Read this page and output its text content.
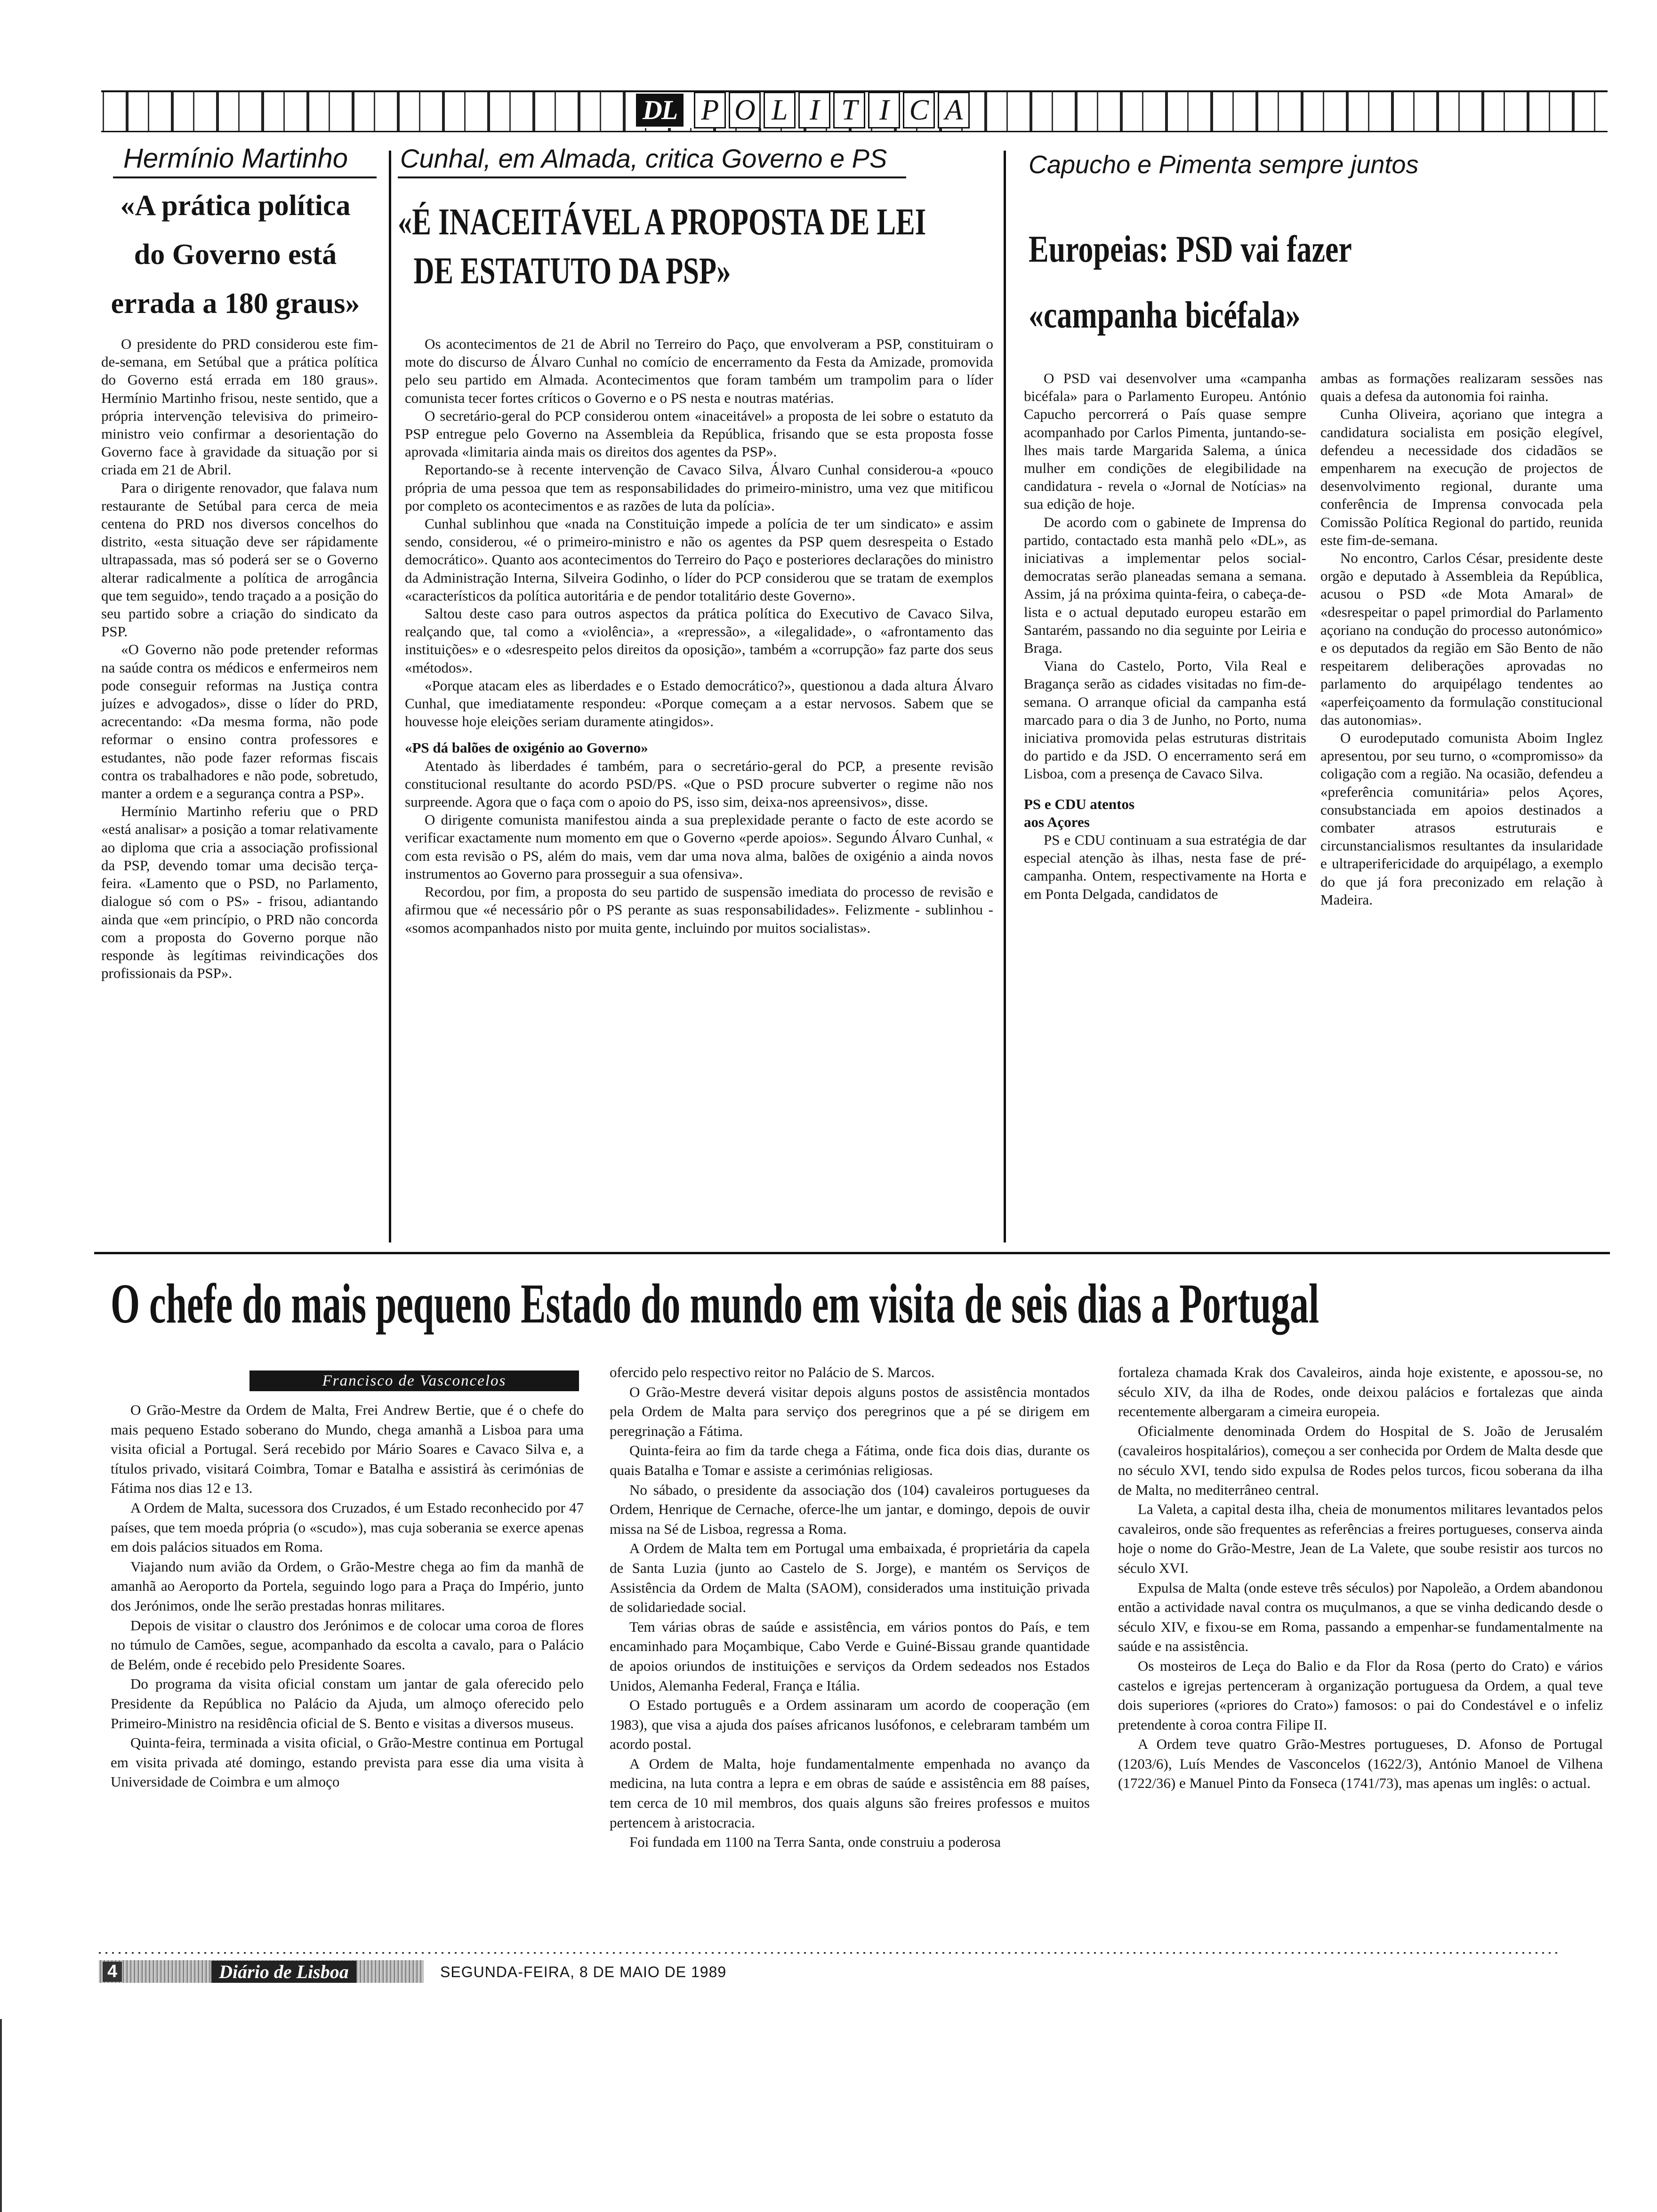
DL P O L I T I C A
Hermínio Martinho
«A prática política
do Governo está
errada a 180 graus»

O presidente do PRD considerou este fim-de-semana, em Setúbal que a prática política do Governo está errada em 180 graus». Hermínio Martinho frisou, neste sentido, que a própria intervenção televisiva do primeiro-ministro veio confirmar a desorientação do Governo face à gravidade da situação por si criada em 21 de Abril.

Para o dirigente renovador, que falava num restaurante de Setúbal para cerca de meia centena do PRD nos diversos concelhos do distrito, «esta situação deve ser rápidamente ultrapassada, mas só poderá ser se o Governo alterar radicalmente a política de arrogância que tem seguido», tendo traçado a a posição do seu partido sobre a criação do sindicato da PSP.

«O Governo não pode pretender reformas na saúde contra os médicos e enfermeiros nem pode conseguir reformas na Justiça contra juízes e advogados», disse o líder do PRD, acrecentando: «Da mesma forma, não pode reformar o ensino contra professores e estudantes, não pode fazer reformas fiscais contra os trabalhadores e não pode, sobretudo, manter a ordem e a segurança contra a PSP».

Hermínio Martinho referiu que o PRD «está analisar» a posição a tomar relativamente ao diploma que cria a associação profissional da PSP, devendo tomar uma decisão terça-feira. «Lamento que o PSD, no Parlamento, dialogue só com o PS» - frisou, adiantando ainda que «em princípio, o PRD não concorda com a proposta do Governo porque não responde às legítimas reivindicações dos profissionais da PSP».

Cunhal, em Almada, critica Governo e PS
«É INACEITÁVEL A PROPOSTA DE LEI
DE ESTATUTO DA PSP»

Os acontecimentos de 21 de Abril no Terreiro do Paço, que envolveram a PSP, constituiram o mote do discurso de Álvaro Cunhal no comício de encerramento da Festa da Amizade, promovida pelo seu partido em Almada. Acontecimentos que foram também um trampolim para o líder comunista tecer fortes críticos o Governo e o PS nesta e noutras matérias.

O secretário-geral do PCP considerou ontem «inaceitável» a proposta de lei sobre o estatuto da PSP entregue pelo Governo na Assembleia da República, frisando que se esta proposta fosse aprovada «limitaria ainda mais os direitos dos agentes da PSP».

Reportando-se à recente intervenção de Cavaco Silva, Álvaro Cunhal considerou-a «pouco própria de uma pessoa que tem as responsabilidades do primeiro-ministro, uma vez que mitificou por completo os acontecimentos e as razões de luta da polícia».

Cunhal sublinhou que «nada na Constituição impede a polícia de ter um sindicato» e assim sendo, considerou, «é o primeiro-ministro e não os agentes da PSP quem desrespeita o Estado democrático». Quanto aos acontecimentos do Terreiro do Paço e posteriores declarações do ministro da Administração Interna, Silveira Godinho, o líder do PCP considerou que se tratam de exemplos «característicos da política autoritária e de pendor totalitário deste Governo».

Saltou deste caso para outros aspectos da prática política do Executivo de Cavaco Silva, realçando que, tal como a «violência», a «repressão», a «ilegalidade», o «afrontamento das instituições» e o «desrespeito pelos direitos da oposição», também a «corrupção» faz parte dos seus «métodos».

«Porque atacam eles as liberdades e o Estado democrático?», questionou a dada altura Álvaro Cunhal, que imediatamente respondeu: «Porque começam a a estar nervosos. Sabem que se houvesse hoje eleições seriam duramente atingidos».

«PS dá balões de oxigénio ao Governo»

Atentado às liberdades é também, para o secretário-geral do PCP, a presente revisão constitucional resultante do acordo PSD/PS. «Que o PSD procure subverter o regime não nos surpreende. Agora que o faça com o apoio do PS, isso sim, deixa-nos apreensivos», disse.

O dirigente comunista manifestou ainda a sua preplexidade perante o facto de este acordo se verificar exactamente num momento em que o Governo «perde apoios». Segundo Álvaro Cunhal, « com esta revisão o PS, além do mais, vem dar uma nova alma, balões de oxigénio a ainda novos instrumentos ao Governo para prosseguir a sua ofensiva».

Recordou, por fim, a proposta do seu partido de suspensão imediata do processo de revisão e afirmou que «é necessário pôr o PS perante as suas responsabilidades». Felizmente - sublinhou - «somos acompanhados nisto por muita gente, incluindo por muitos socialistas».

Capucho e Pimenta sempre juntos
Europeias: PSD vai fazer
«campanha bicéfala»

O PSD vai desenvolver uma «campanha bicéfala» para o Parlamento Europeu. António Capucho percorrerá o País quase sempre acompanhado por Carlos Pimenta, juntando-se-lhes mais tarde Margarida Salema, a única mulher em condições de elegibilidade na candidatura - revela o «Jornal de Notícias» na sua edição de hoje.

De acordo com o gabinete de Imprensa do partido, contactado esta manhã pelo «DL», as iniciativas a implementar pelos social-democratas serão planeadas semana a semana. Assim, já na próxima quinta-feira, o cabeça-de-lista e o actual deputado europeu estarão em Santarém, passando no dia seguinte por Leiria e Braga.

Viana do Castelo, Porto, Vila Real e Bragança serão as cidades visitadas no fim-de-semana. O arranque oficial da campanha está marcado para o dia 3 de Junho, no Porto, numa iniciativa promovida pelas estruturas distritais do partido e da JSD. O encerramento será em Lisboa, com a presença de Cavaco Silva.

PS e CDU atentos
aos Açores

PS e CDU continuam a sua estratégia de dar especial atenção às ilhas, nesta fase de pré-campanha. Ontem, respectivamente na Horta e em Ponta Delgada, candidatos de

ambas as formações realizaram sessões nas quais a defesa da autonomia foi rainha.

Cunha Oliveira, açoriano que integra a candidatura socialista em posição elegível, defendeu a necessidade dos cidadãos se empenharem na execução de projectos de desenvolvimento regional, durante uma conferência de Imprensa convocada pela Comissão Política Regional do partido, reunida este fim-de-semana.

No encontro, Carlos César, presidente deste orgão e deputado à Assembleia da República, acusou o PSD «de Mota Amaral» de «desrespeitar o papel primordial do Parlamento açoriano na condução do processo autonómico» e os deputados da região em São Bento de não respeitarem deliberações aprovadas no parlamento do arquipélago tendentes ao «aperfeiçoamento da formulação constitucional das autonomias».

O eurodeputado comunista Aboim Inglez apresentou, por seu turno, o «compromisso» da coligação com a região. Na ocasião, defendeu a «preferência comunitária» pelos Açores, consubstanciada em apoios destinados a combater atrasos estruturais e circunstancialismos resultantes da insularidade e ultraperifericidade do arquipélago, a exemplo do que já fora preconizado em relação à Madeira.

O chefe do mais pequeno Estado do mundo em visita de seis dias a Portugal
Francisco de Vasconcelos

O Grão-Mestre da Ordem de Malta, Frei Andrew Bertie, que é o chefe do mais pequeno Estado soberano do Mundo, chega amanhã a Lisboa para uma visita oficial a Portugal. Será recebido por Mário Soares e Cavaco Silva e, a títulos privado, visitará Coimbra, Tomar e Batalha e assistirá às cerimónias de Fátima nos dias 12 e 13.

A Ordem de Malta, sucessora dos Cruzados, é um Estado reconhecido por 47 países, que tem moeda própria (o «scudo»), mas cuja soberania se exerce apenas em dois palácios situados em Roma.

Viajando num avião da Ordem, o Grão-Mestre chega ao fim da manhã de amanhã ao Aeroporto da Portela, seguindo logo para a Praça do Império, junto dos Jerónimos, onde lhe serão prestadas honras militares.

Depois de visitar o claustro dos Jerónimos e de colocar uma coroa de flores no túmulo de Camões, segue, acompanhado da escolta a cavalo, para o Palácio de Belém, onde é recebido pelo Presidente Soares.

Do programa da visita oficial constam um jantar de gala oferecido pelo Presidente da República no Palácio da Ajuda, um almoço oferecido pelo Primeiro-Ministro na residência oficial de S. Bento e visitas a diversos museus.

Quinta-feira, terminada a visita oficial, o Grão-Mestre continua em Portugal em visita privada até domingo, estando prevista para esse dia uma visita à Universidade de Coimbra e um almoço

ofercido pelo respectivo reitor no Palácio de S. Marcos.

O Grão-Mestre deverá visitar depois alguns postos de assistência montados pela Ordem de Malta para serviço dos peregrinos que a pé se dirigem em peregrinação a Fátima.

Quinta-feira ao fim da tarde chega a Fátima, onde fica dois dias, durante os quais Batalha e Tomar e assiste a cerimónias religiosas.

No sábado, o presidente da associação dos (104) cavaleiros portugueses da Ordem, Henrique de Cernache, oferce-lhe um jantar, e domingo, depois de ouvir missa na Sé de Lisboa, regressa a Roma.

A Ordem de Malta tem em Portugal uma embaixada, é proprietária da capela de Santa Luzia (junto ao Castelo de S. Jorge), e mantém os Serviços de Assistência da Ordem de Malta (SAOM), considerados uma instituição privada de solidariedade social.

Tem várias obras de saúde e assistência, em vários pontos do País, e tem encaminhado para Moçambique, Cabo Verde e Guiné-Bissau grande quantidade de apoios oriundos de instituições e serviços da Ordem sedeados nos Estados Unidos, Alemanha Federal, França e Itália.

O Estado português e a Ordem assinaram um acordo de cooperação (em 1983), que visa a ajuda dos países africanos lusófonos, e celebraram também um acordo postal.

A Ordem de Malta, hoje fundamentalmente empenhada no avanço da medicina, na luta contra a lepra e em obras de saúde e assistência em 88 países, tem cerca de 10 mil membros, dos quais alguns são freires professos e muitos pertencem à aristocracia.

Foi fundada em 1100 na Terra Santa, onde construiu a poderosa

fortaleza chamada Krak dos Cavaleiros, ainda hoje existente, e apossou-se, no século XIV, da ilha de Rodes, onde deixou palácios e fortalezas que ainda recentemente albergaram a cimeira europeia.

Oficialmente denominada Ordem do Hospital de S. João de Jerusalém (cavaleiros hospitalários), começou a ser conhecida por Ordem de Malta desde que no século XVI, tendo sido expulsa de Rodes pelos turcos, ficou soberana da ilha de Malta, no mediterrâneo central.

La Valeta, a capital desta ilha, cheia de monumentos militares levantados pelos cavaleiros, onde são frequentes as referências a freires portugueses, conserva ainda hoje o nome do Grão-Mestre, Jean de La Valete, que soube resistir aos turcos no século XVI.

Expulsa de Malta (onde esteve três séculos) por Napoleão, a Ordem abandonou então a actividade naval contra os muçulmanos, a que se vinha dedicando desde o século XIV, e fixou-se em Roma, passando a empenhar-se fundamentalmente na saúde e na assistência.

Os mosteiros de Leça do Balio e da Flor da Rosa (perto do Crato) e vários castelos e igrejas pertenceram à organização portuguesa da Ordem, a qual teve dois superiores («priores do Crato») famosos: o pai do Condestável e o infeliz pretendente à coroa contra Filipe II.

A Ordem teve quatro Grão-Mestres portugueses, D. Afonso de Portugal (1203/6), Luís Mendes de Vasconcelos (1622/3), António Manoel de Vilhena (1722/36) e Manuel Pinto da Fonseca (1741/73), mas apenas um inglês: o actual.

4	Diário de Lisboa	SEGUNDA-FEIRA, 8 DE MAIO DE 1989
